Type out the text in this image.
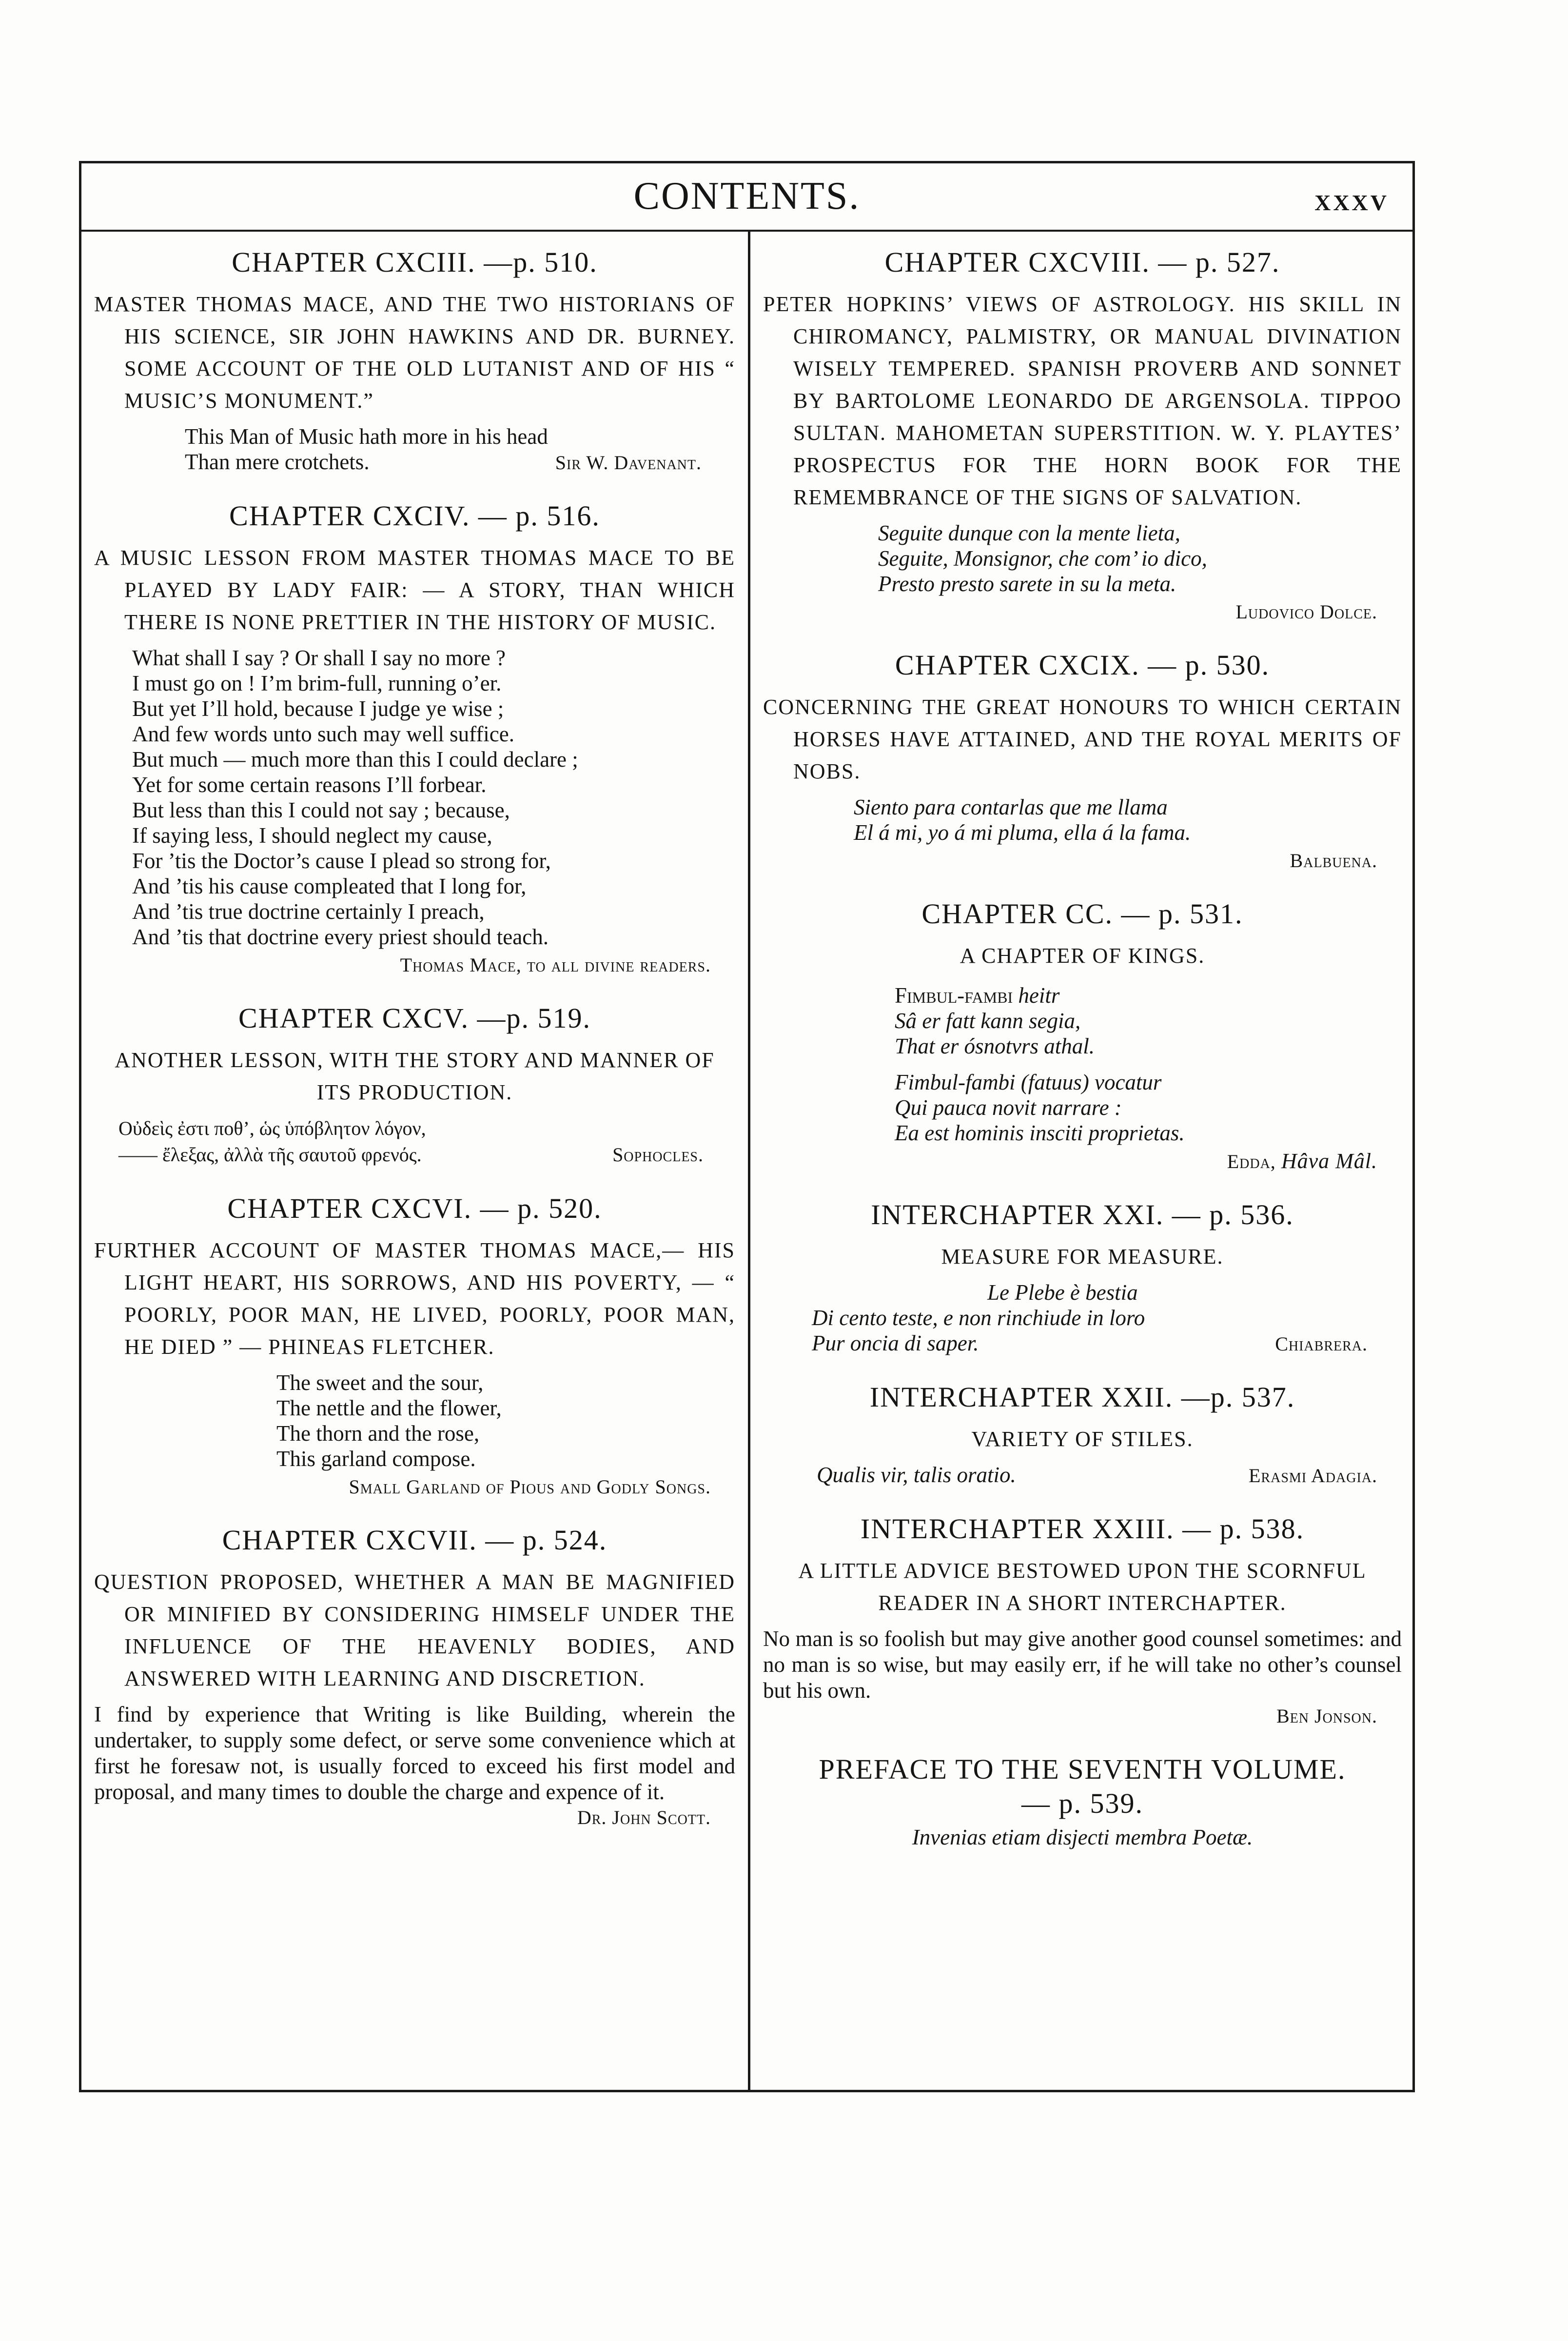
CONTENTS.	XXXV
CHAPTER CXCIII. —p. 510.
MASTER THOMAS MACE, AND THE TWO HISTORIANS OF HIS SCIENCE, SIR JOHN HAWKINS AND DR. BURNEY. SOME ACCOUNT OF THE OLD LUTANIST AND OF HIS “ MUSIC’S MONUMENT.”
This Man of Music hath more in his head
Than mere crotchets.	Sir W. Davenant.
CHAPTER CXCIV. — p. 516.
A MUSIC LESSON FROM MASTER THOMAS MACE TO BE PLAYED BY LADY FAIR: — A STORY, THAN WHICH THERE IS NONE PRETTIER IN THE HISTORY OF MUSIC.
What shall I say ? Or shall I say no more ?
I must go on ! I’m brim-full, running o’er.
But yet I’ll hold, because I judge ye wise ;
And few words unto such may well suffice.
But much — much more than this I could declare ;
Yet for some certain reasons I’ll forbear.
But less than this I could not say ; because,
If saying less, I should neglect my cause,
For ’tis the Doctor’s cause I plead so strong for,
And ’tis his cause compleated that I long for,
And ’tis true doctrine certainly I preach,
And ’tis that doctrine every priest should teach.
Thomas Mace, to all divine readers.
CHAPTER CXCV. —p. 519.
ANOTHER LESSON, WITH THE STORY AND MANNER OF ITS PRODUCTION.
Οὐδεὶς ἐστι ποθ’, ὡς ὑπόβλητον λόγον,
—— ἔλεξας, ἀλλὰ τῆς σαυτοῦ φρενός.	Sophocles.
CHAPTER CXCVI. — p. 520.
FURTHER ACCOUNT OF MASTER THOMAS MACE,— HIS LIGHT HEART, HIS SORROWS, AND HIS POVERTY, — “ POORLY, POOR MAN, HE LIVED, POORLY, POOR MAN, HE DIED ” — PHINEAS FLETCHER.
The sweet and the sour,
The nettle and the flower,
The thorn and the rose,
This garland compose.
Small Garland of Pious and Godly Songs.
CHAPTER CXCVII. — p. 524.
QUESTION PROPOSED, WHETHER A MAN BE MAGNIFIED OR MINIFIED BY CONSIDERING HIMSELF UNDER THE INFLUENCE OF THE HEAVENLY BODIES, AND ANSWERED WITH LEARNING AND DISCRETION.
I find by experience that Writing is like Building, wherein the undertaker, to supply some defect, or serve some convenience which at first he foresaw not, is usually forced to exceed his first model and proposal, and many times to double the charge and expence of it.
Dr. John Scott.
CHAPTER CXCVIII. — p. 527.
PETER HOPKINS’ VIEWS OF ASTROLOGY. HIS SKILL IN CHIROMANCY, PALMISTRY, OR MANUAL DIVINATION WISELY TEMPERED. SPANISH PROVERB AND SONNET BY BARTOLOME LEONARDO DE ARGENSOLA. TIPPOO SULTAN. MAHOMETAN SUPERSTITION. W. Y. PLAYTES’ PROSPECTUS FOR THE HORN BOOK FOR THE REMEMBRANCE OF THE SIGNS OF SALVATION.
Seguite dunque con la mente lieta,
Seguite, Monsignor, che com’ io dico,
Presto presto sarete in su la meta.
Ludovico Dolce.
CHAPTER CXCIX. — p. 530.
CONCERNING THE GREAT HONOURS TO WHICH CERTAIN HORSES HAVE ATTAINED, AND THE ROYAL MERITS OF NOBS.
Siento para contarlas que me llama
El á mi, yo á mi pluma, ella á la fama.
Balbuena.
CHAPTER CC. — p. 531.
A CHAPTER OF KINGS.
Fimbul-fambi heitr
Sâ er fatt kann segia,
That er ósnotvrs athal.
Fimbul-fambi (fatuus) vocatur
Qui pauca novit narrare :
Ea est hominis insciti proprietas.
Edda, Hâva Mâl.
INTERCHAPTER XXI. — p. 536.
MEASURE FOR MEASURE.
Le Plebe è bestia
Di cento teste, e non rinchiude in loro
Pur oncia di saper.	Chiabrera.
INTERCHAPTER XXII. —p. 537.
VARIETY OF STILES.
Qualis vir, talis oratio.	Erasmi Adagia.
INTERCHAPTER XXIII. — p. 538.
A LITTLE ADVICE BESTOWED UPON THE SCORNFUL READER IN A SHORT INTERCHAPTER.
No man is so foolish but may give another good counsel sometimes: and no man is so wise, but may easily err, if he will take no other’s counsel but his own.
Ben Jonson.
PREFACE TO THE SEVENTH VOLUME.
— p. 539.
Invenias etiam disjecti membra Poetæ.
